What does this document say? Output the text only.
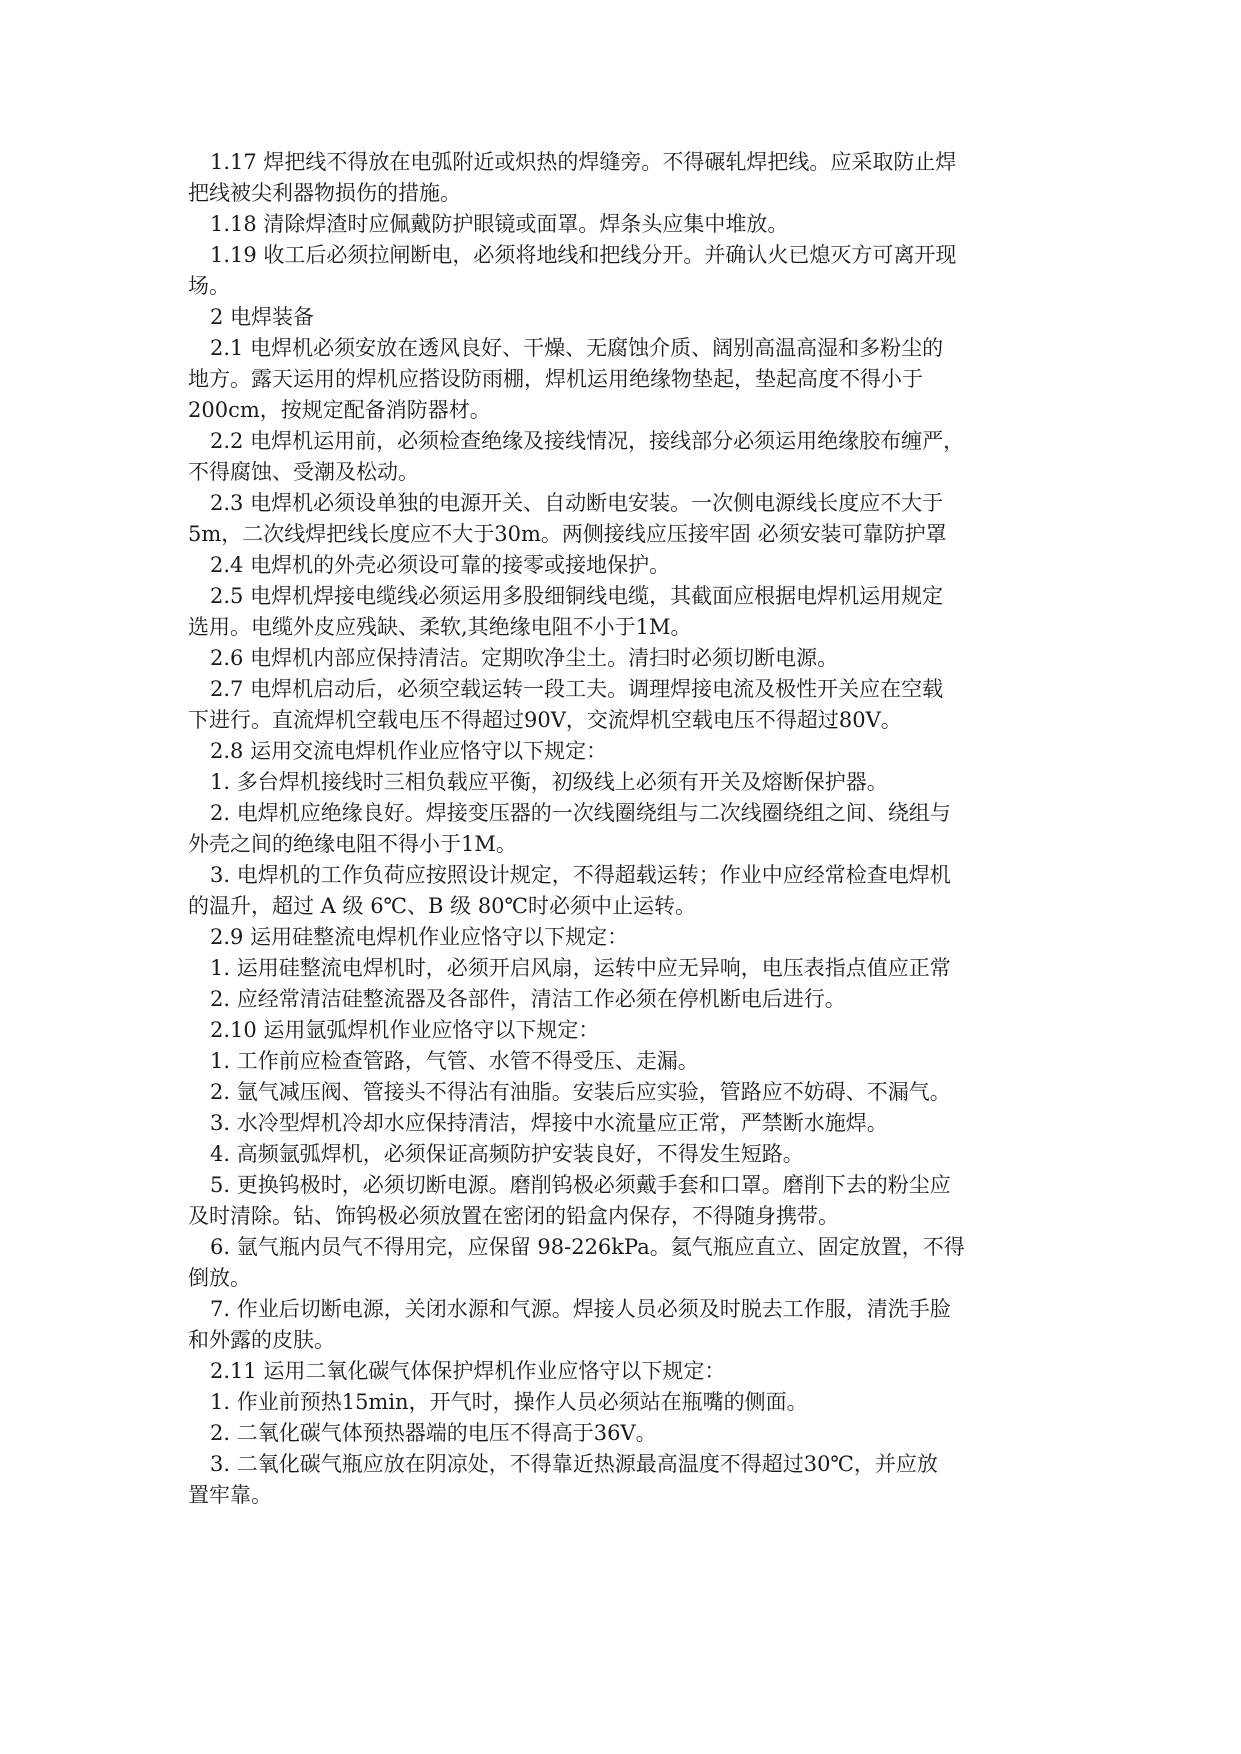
1.17 焊把线不得放在电弧附近或炽热的焊缝旁。不得碾轧焊把线。应采取防止焊
把线被尖利器物损伤的措施。
1.18 清除焊渣时应佩戴防护眼镜或面罩。焊条头应集中堆放。
1.19 收工后必须拉闸断电，必须将地线和把线分开。并确认火已熄灭方可离开现
场。
2 电焊装备
2.1 电焊机必须安放在透风良好、干燥、无腐蚀介质、阔别高温高湿和多粉尘的
地方。露天运用的焊机应搭设防雨棚，焊机运用绝缘物垫起，垫起高度不得小于
200cm，按规定配备消防器材。
2.2 电焊机运用前，必须检查绝缘及接线情况，接线部分必须运用绝缘胶布缠严，
不得腐蚀、受潮及松动。
2.3 电焊机必须设单独的电源开关、自动断电安装。一次侧电源线长度应不大于
5m，二次线焊把线长度应不大于30m。两侧接线应压接牢固 必须安装可靠防护罩
2.4 电焊机的外壳必须设可靠的接零或接地保护。
2.5 电焊机焊接电缆线必须运用多股细铜线电缆，其截面应根据电焊机运用规定
选用。电缆外皮应残缺、柔软,其绝缘电阻不小于1M。
2.6 电焊机内部应保持清洁。定期吹净尘土。清扫时必须切断电源。
2.7 电焊机启动后，必须空载运转一段工夫。调理焊接电流及极性开关应在空载
下进行。直流焊机空载电压不得超过90V，交流焊机空载电压不得超过80V。
2.8 运用交流电焊机作业应恪守以下规定：
1. 多台焊机接线时三相负载应平衡，初级线上必须有开关及熔断保护器。
2. 电焊机应绝缘良好。焊接变压器的一次线圈绕组与二次线圈绕组之间、绕组与
外壳之间的绝缘电阻不得小于1M。
3. 电焊机的工作负荷应按照设计规定，不得超载运转；作业中应经常检查电焊机
的温升，超过 A 级 6℃、B 级 80℃时必须中止运转。
2.9 运用硅整流电焊机作业应恪守以下规定：
1. 运用硅整流电焊机时，必须开启风扇，运转中应无异响，电压表指点值应正常
2. 应经常清洁硅整流器及各部件，清洁工作必须在停机断电后进行。
2.10 运用氩弧焊机作业应恪守以下规定：
1. 工作前应检查管路，气管、水管不得受压、走漏。
2. 氩气减压阀、管接头不得沾有油脂。安装后应实验，管路应不妨碍、不漏气。
3. 水冷型焊机冷却水应保持清洁，焊接中水流量应正常，严禁断水施焊。
4. 高频氩弧焊机，必须保证高频防护安装良好，不得发生短路。
5. 更换钨极时，必须切断电源。磨削钨极必须戴手套和口罩。磨削下去的粉尘应
及时清除。钻、饰钨极必须放置在密闭的铅盒内保存，不得随身携带。
6. 氩气瓶内员气不得用完，应保留 98-226kPa。氦气瓶应直立、固定放置，不得
倒放。
7. 作业后切断电源，关闭水源和气源。焊接人员必须及时脱去工作服，清洗手脸
和外露的皮肤。
2.11 运用二氧化碳气体保护焊机作业应恪守以下规定：
1. 作业前预热15min，开气时，操作人员必须站在瓶嘴的侧面。
2. 二氧化碳气体预热器端的电压不得高于36V。
3. 二氧化碳气瓶应放在阴凉处，不得靠近热源最高温度不得超过30℃，并应放
置牢靠。
